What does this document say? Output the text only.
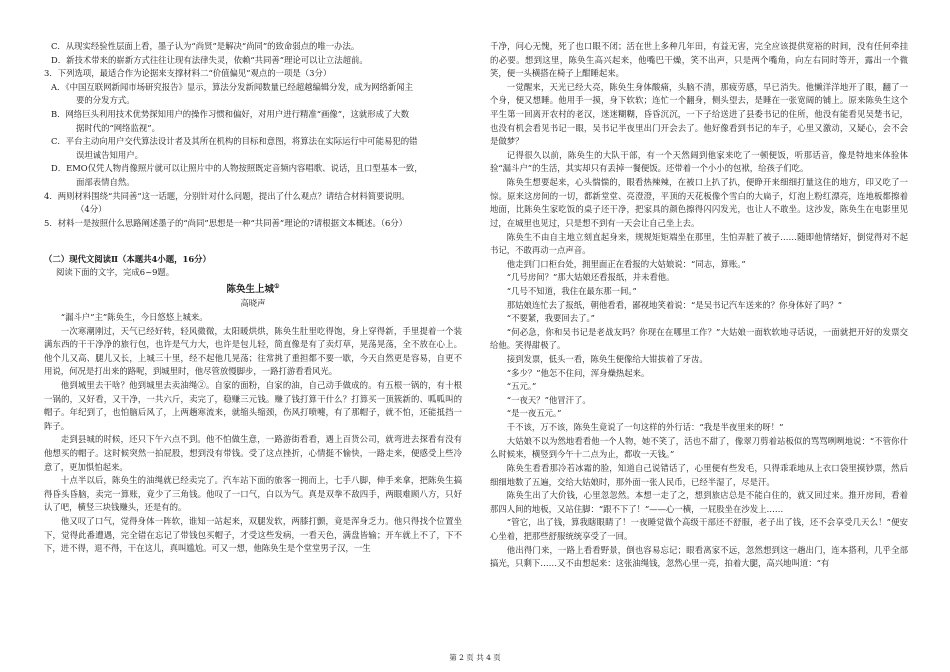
C．从现实经验性层面上看，墨子认为“尚贤”是解决“尚同”的致命弱点的唯一办法。

D．新技术带来的崭新方式往往让现有法律失灵，依赖“共同善”理论可以让立法超前。

3．下列选项，最适合作为论据来支撑材料二“价值偏见”观点的一项是（3分）

A．《中国互联网新闻市场研究报告》显示，算法分发新闻数量已经超越编辑分发，成为网络新闻主

要的分发方式。

B．网络巨头利用技术优势探知用户的操作习惯和偏好，对用户进行精准“画像”，这就形成了大数

据时代的“网络监视”。

C．平台主动向用户交代算法设计者及其所在机构的目标和意图，将算法在实际运行中可能易犯的错

误坦诚告知用户。

D．EMO仅凭人物肖像照片就可以让照片中的人物按照既定音频内容唱歌、说话，且口型基本一致，

面部表情自然。

4．两则材料围绕“共同善”这一话题，分别针对什么问题，提出了什么观点？请结合材料简要说明。

（4分）

5．材料一是按照什么思路阐述墨子的“尚同”思想是一种“共同善”理论的?请根据文本概述。（6分）

（二）现代文阅读Ⅱ（本题共4小题，16分）

阅读下面的文字，完成6~9题。

陈奂生上城①

高晓声

“漏斗户”主”陈奂生，今日悠悠上城来。

一次寒潮刚过，天气已经好转，轻风微微，太阳暖烘烘，陈奂生肚里吃得饱，身上穿得新，手里提着一个装满东西的干干净净的旅行包，也许是气力大，也许是包儿轻，简直像是有了卖灯草，晃荡晃荡，全不放在心上。他个儿又高、腿儿又长，上城三十里，经不起他几晃荡；往常挑了重担都不要一歇，今天自然更是容易，自更不用说，何况是打出来的路呢，到城里时，他尽管放慢脚步，一路打游看看风光。

他到城里去干啥？他到城里去卖油绳②。自家的面粉，自家的油，自己动手做成的。有五根一锅的，有十根一锅的，又好看，又干净，一共六斤，卖完了，稳赚三元钱。赚了钱打算干什么？打算买一顶簇新的、呱呱叫的帽子。年纪到了，也怕脑后风了，上两趟寒流来，就缩头缩颈，伤风打喷嚏，有了那帽子，就不怕，还能抵挡一阵子。

走到县城的时候，还只下午六点不到。他不怕做生意，一路游街看看，遇上百货公司，就弯进去探看有没有他想买的帽子。这时候突然一拍屁股，想到没有带钱。受了这点挫折，心情挺不愉快，一路走来，便感受上些冷意了，更加惧怕起来。

十点半以后，陈奂生的油绳就已经卖完了。汽车站下面的旅客一拥而上，七手八脚，伸手来拿，把陈奂生搞得昏头昏脑，卖完一算账，竟少了三角钱。他叹了一口气，白以为气。真是双拳不敌四手，两眼难顾八方，只好认了吧，横竖三块钱赚头，还是有的。

他又叹了口气，觉得身体一阵软，谁知一站起来，双腿发软，两膝打颤，竟是浑身乏力。他只得找个位置坐下，觉得此番遭遇，完全错在忘记了带钱包买帽子，才受这些发病，一看天色，满盘皆输；开车就上不了，下不下，进不得，退不得，干在这儿，真叫尴尬。可又一想，他陈奂生是个堂堂男子汉，一生

千净，问心无愧，死了也口眼不闭；活在世上多种几年田，有益无害，完全应该提供宽裕的时间，没有任何牵挂的必要。想到这里，陈奂生高兴起来，他嘴巴干燥，笑不出声，只是两个嘴角，向左右同时等开，露出一个微笑，便一头横搭在椅子上酣睡起来。

一觉醒来，天光已经大亮，陈奂生身体酸痛，头脑不清，那疲劳感，早已消失。他懒洋洋地开了眼，翻了一个身，便又想睡。他用手一摸，身下软软；连忙一个翻身，侧头望去，是睡在一张宽阔的铺上。原来陈奂生这个平生第一回离开农村的老汉，迷迷糊糊，昏昏沉沉，一下子给送进了县委书记的住所，他没有能看见吴楚书记，也没有机会看见书记一眼，吴书记半夜里出门开会去了。他好像看到书记的车子，心里又激动，又疑心，会不会是做梦？

记得很久以前，陈奂生的大队干部，有一个天然阔到他家来吃了一顿便饭，听那话音，像是特地来体验体验“漏斗户”的生活，其实却只有丢掉一餐便饭。还带着一个小小的包袱，给孩子们吃。

陈奂生想要起来，心头惴惴的，眼看热辣辣，在被口上扒了扒，便睁开来细细打量这住的地方，印又吃了一惊。原来这房间的一切，都新堂堂、亮澄澄，平顶的天花板像个雪白的大扁子，灯泡上粉红漂亮，连地板都擦着地面，比陈奂生家吃饭的桌子还干净，把家具的颜色擦得闪闪发光，也让人不敢坐。这沙发，陈奂生在电影里见过，在城里也见过，只是想不到有一天会让自己坐上去。

陈奂生不由自主地立刻直起身来，规规矩矩端坐在那里，生怕弄脏了被子……随即他情绪好，倒觉得对不起书记，不敢再动一点声音。

他走到门口柜台处，拥里面正在看报的大姑娘说：“同志，算账。”

“几号房间？”那大姑娘还看报纸，并未看他。

“几号不知道，我住在最东那一间。”

那姑娘连忙去了报纸，朝他看看，鄙视地笑着说：“是吴书记汽车送来的？你身体好了吗？”

“不要紧，我要回去了。”

“何必急，你和吴书记是老战友吗？你现在在哪里工作？”大姑娘一面软软地寻话说，一面就把开好的发票交给他。笑得甜极了。

接到发票，低头一看，陈奂生便像给大钳拔着了牙齿。

“多少？”他怎不住问，浑身燥热起来。

“五元。”

“一夜天？”他冒汗了。

“是一夜五元。”

千不该，万不该，陈奂生竟说了一句这样的外行话：“我是半夜里来的呀！”

大姑娘不以为然地看看他一个人物，她不笑了，活也不甜了，像翠刀剪着站板似的骂骂咧咧地说：“不管你什么时候来，横竖到今午十二点为止，都收一天钱。”

陈奂生看看那冷若冰霜的脸，知道自己说错话了，心里便有些发毛，只得乖乖地从上衣口袋里摸钞票，然后细细地数了五遍，交给大姑娘时，那外面一张人民币，已经半湿了，尽是汗。

陈奂生出了大价钱，心里忽忽然。本想一走了之，想到旅店总是不能白住的，就又回过来。推开房间，看着那四人间的地板，又站住脚：“跟不下了！”——心一横，一屁股坐在沙发上……

“管它，出了钱，算我瞎眼睛了！一夜睡觉做个高级干部还不舒服，老子出了钱，还不会享受几天么！”便安心坐着，把那些舒服统统享受了一回。

他出得门来，一路上看看野景，倒也容易忘记；眼看离家不远，忽然想到这一趟出门，连本搭利，几乎全部搞光，只剩下……又不由想起来：这张油绳钱，忽然心里一亮，拍着大腿，高兴地叫道：“有

第 2 页 共 4 页
